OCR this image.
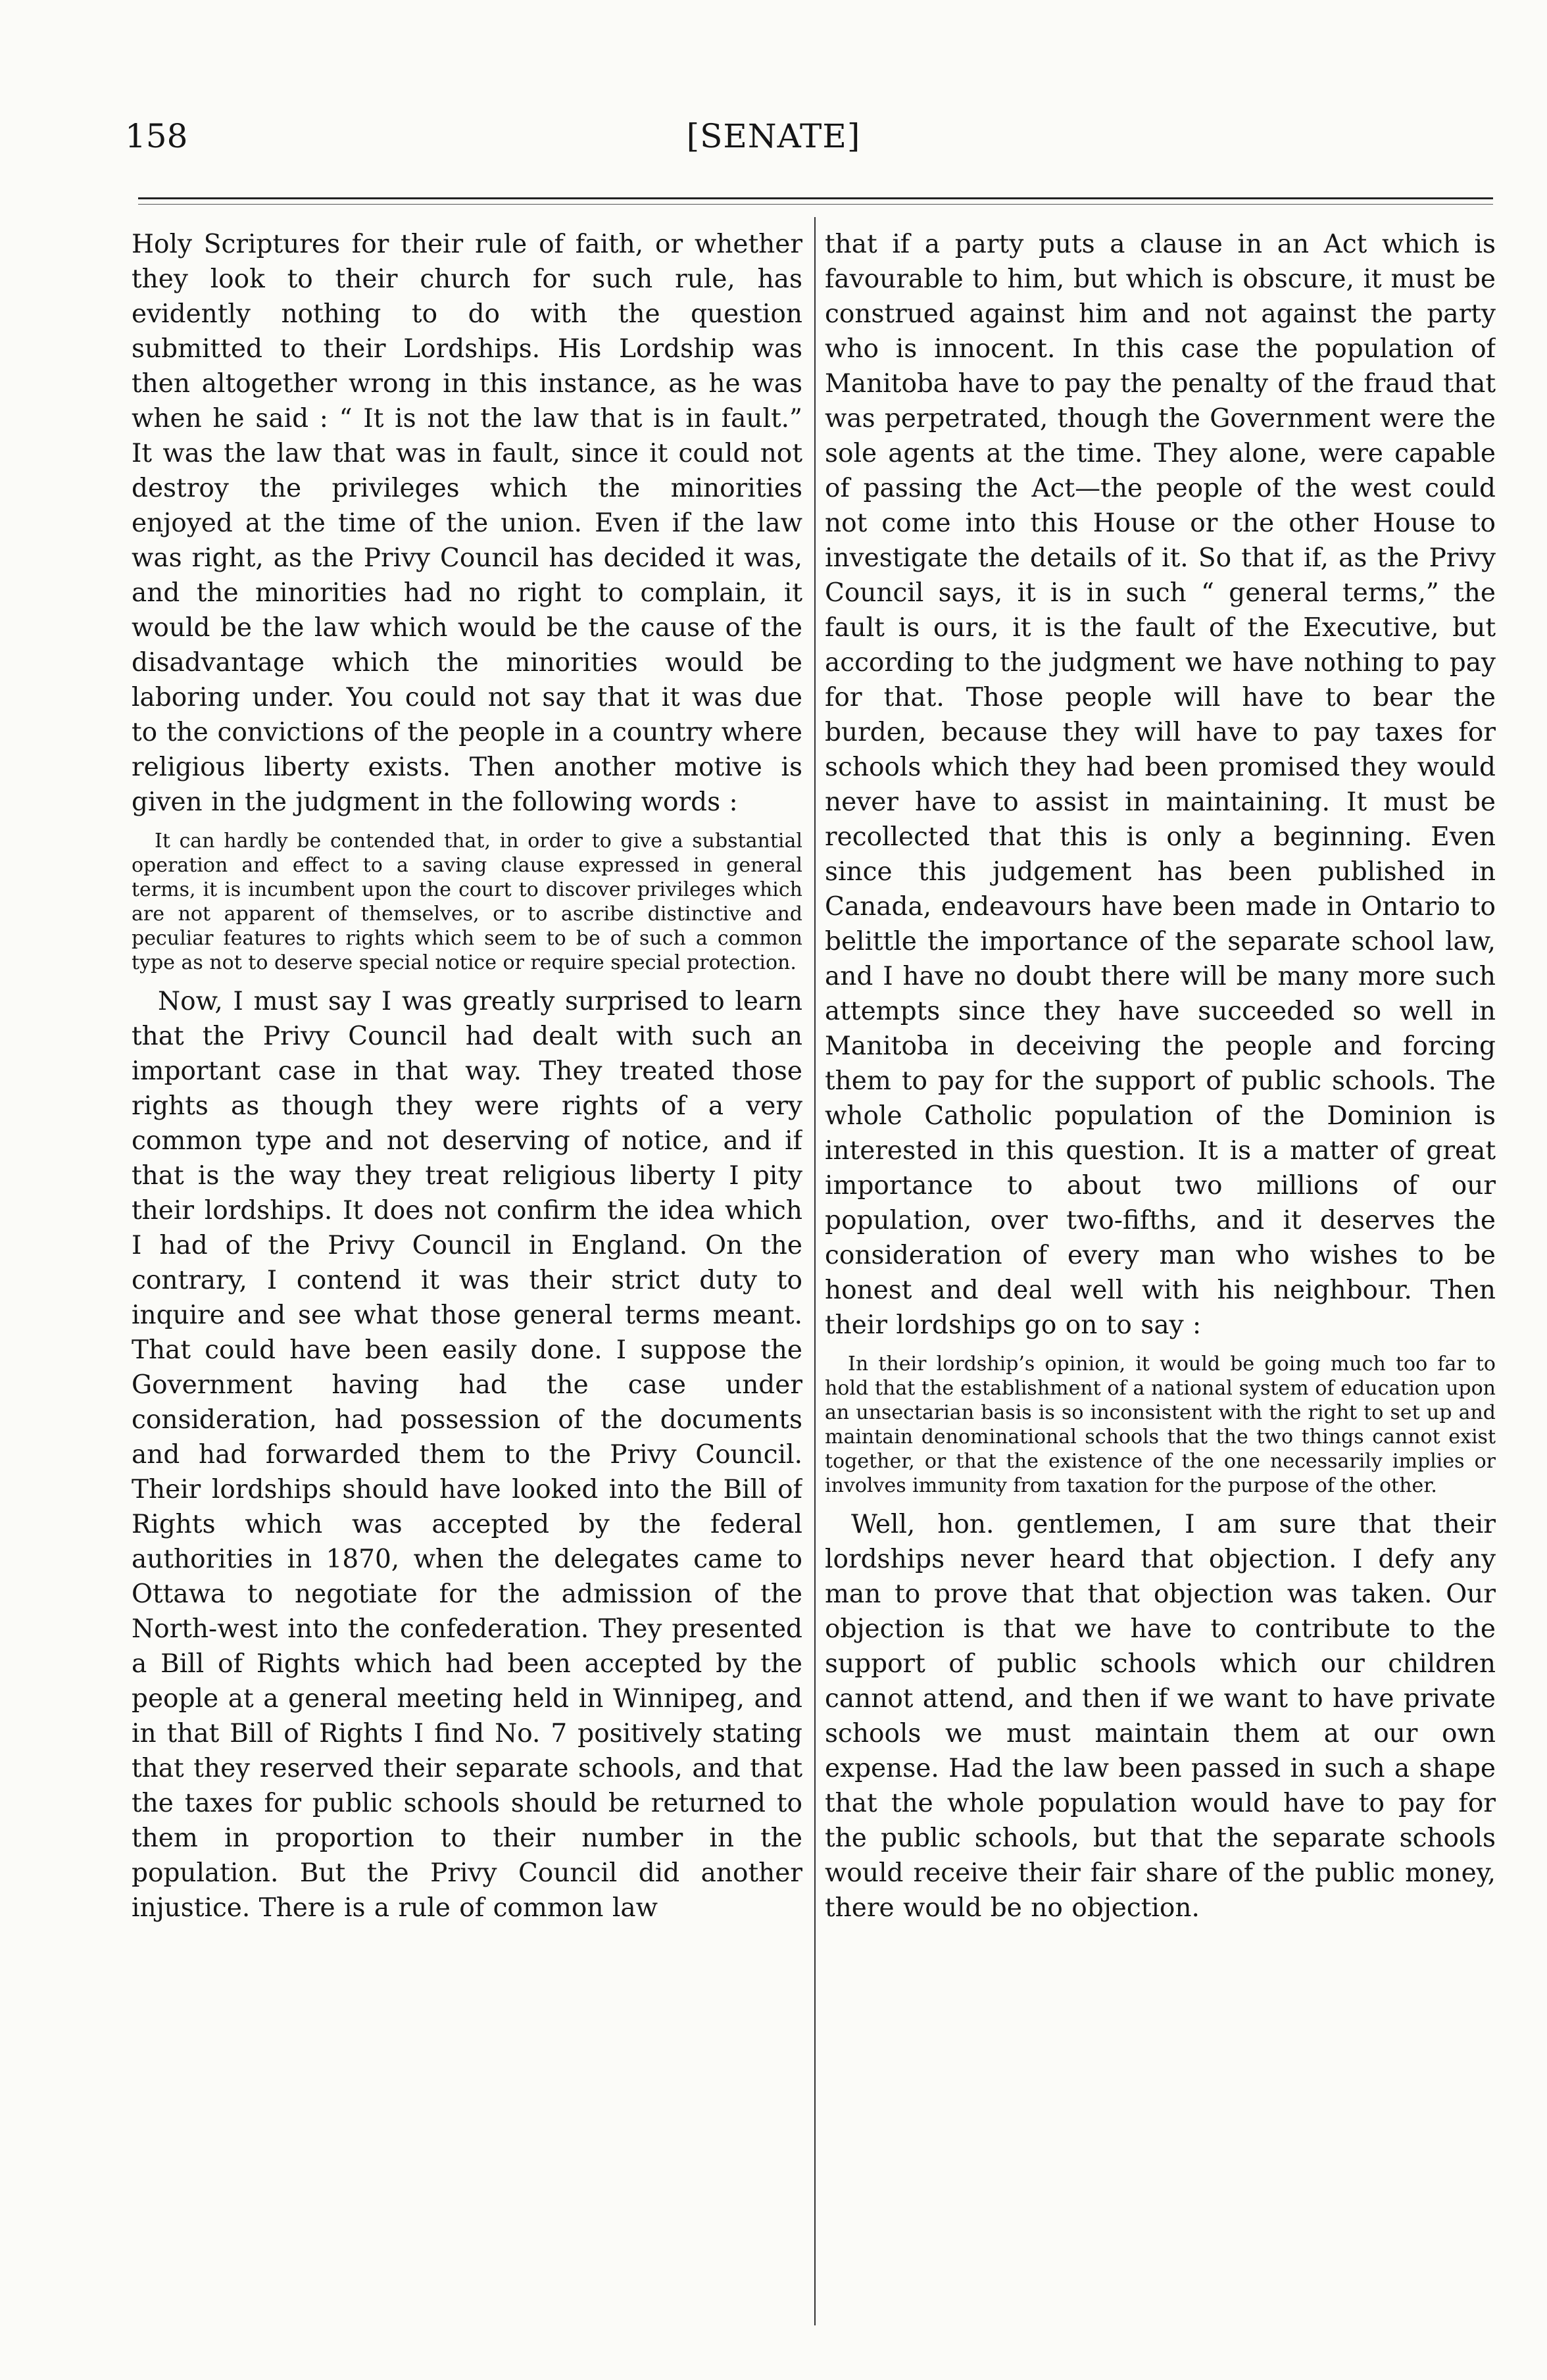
158	[SENATE]

Holy Scriptures for their rule of faith, or whether they look to their church for such rule, has evidently nothing to do with the question submitted to their Lordships. His Lordship was then altogether wrong in this instance, as he was when he said : “ It is not the law that is in fault.” It was the law that was in fault, since it could not destroy the privileges which the minorities enjoyed at the time of the union. Even if the law was right, as the Privy Council has decided it was, and the minorities had no right to complain, it would be the law which would be the cause of the disadvantage which the minorities would be laboring under. You could not say that it was due to the convictions of the people in a country where religious liberty exists. Then another motive is given in the judgment in the following words :

It can hardly be contended that, in order to give a substantial operation and effect to a saving clause expressed in general terms, it is incumbent upon the court to discover privileges which are not apparent of themselves, or to ascribe distinctive and peculiar features to rights which seem to be of such a common type as not to deserve special notice or require special protection.

Now, I must say I was greatly surprised to learn that the Privy Council had dealt with such an important case in that way. They treated those rights as though they were rights of a very common type and not deserving of notice, and if that is the way they treat religious liberty I pity their lordships. It does not confirm the idea which I had of the Privy Council in England. On the contrary, I contend it was their strict duty to inquire and see what those general terms meant. That could have been easily done. I suppose the Government having had the case under consideration, had possession of the documents and had forwarded them to the Privy Council. Their lordships should have looked into the Bill of Rights which was accepted by the federal authorities in 1870, when the delegates came to Ottawa to negotiate for the admission of the North-west into the confederation. They presented a Bill of Rights which had been accepted by the people at a general meeting held in Winnipeg, and in that Bill of Rights I find No. 7 positively stating that they reserved their separate schools, and that the taxes for public schools should be returned to them in proportion to their number in the population. But the Privy Council did another injustice. There is a rule of common law

that if a party puts a clause in an Act which is favourable to him, but which is obscure, it must be construed against him and not against the party who is innocent. In this case the population of Manitoba have to pay the penalty of the fraud that was perpetrated, though the Government were the sole agents at the time. They alone, were capable of passing the Act—the people of the west could not come into this House or the other House to investigate the details of it. So that if, as the Privy Council says, it is in such “ general terms,” the fault is ours, it is the fault of the Executive, but according to the judgment we have nothing to pay for that. Those people will have to bear the burden, because they will have to pay taxes for schools which they had been promised they would never have to assist in maintaining. It must be recollected that this is only a beginning. Even since this judgement has been published in Canada, endeavours have been made in Ontario to belittle the importance of the separate school law, and I have no doubt there will be many more such attempts since they have succeeded so well in Manitoba in deceiving the people and forcing them to pay for the support of public schools. The whole Catholic population of the Dominion is interested in this question. It is a matter of great importance to about two millions of our population, over two-fifths, and it deserves the consideration of every man who wishes to be honest and deal well with his neighbour. Then their lordships go on to say :

In their lordship’s opinion, it would be going much too far to hold that the establishment of a national system of education upon an unsectarian basis is so inconsistent with the right to set up and maintain denominational schools that the two things cannot exist together, or that the existence of the one necessarily implies or involves immunity from taxation for the purpose of the other.

Well, hon. gentlemen, I am sure that their lordships never heard that objection. I defy any man to prove that that objection was taken. Our objection is that we have to contribute to the support of public schools which our children cannot attend, and then if we want to have private schools we must maintain them at our own expense. Had the law been passed in such a shape that the whole population would have to pay for the public schools, but that the separate schools would receive their fair share of the public money, there would be no objection.
